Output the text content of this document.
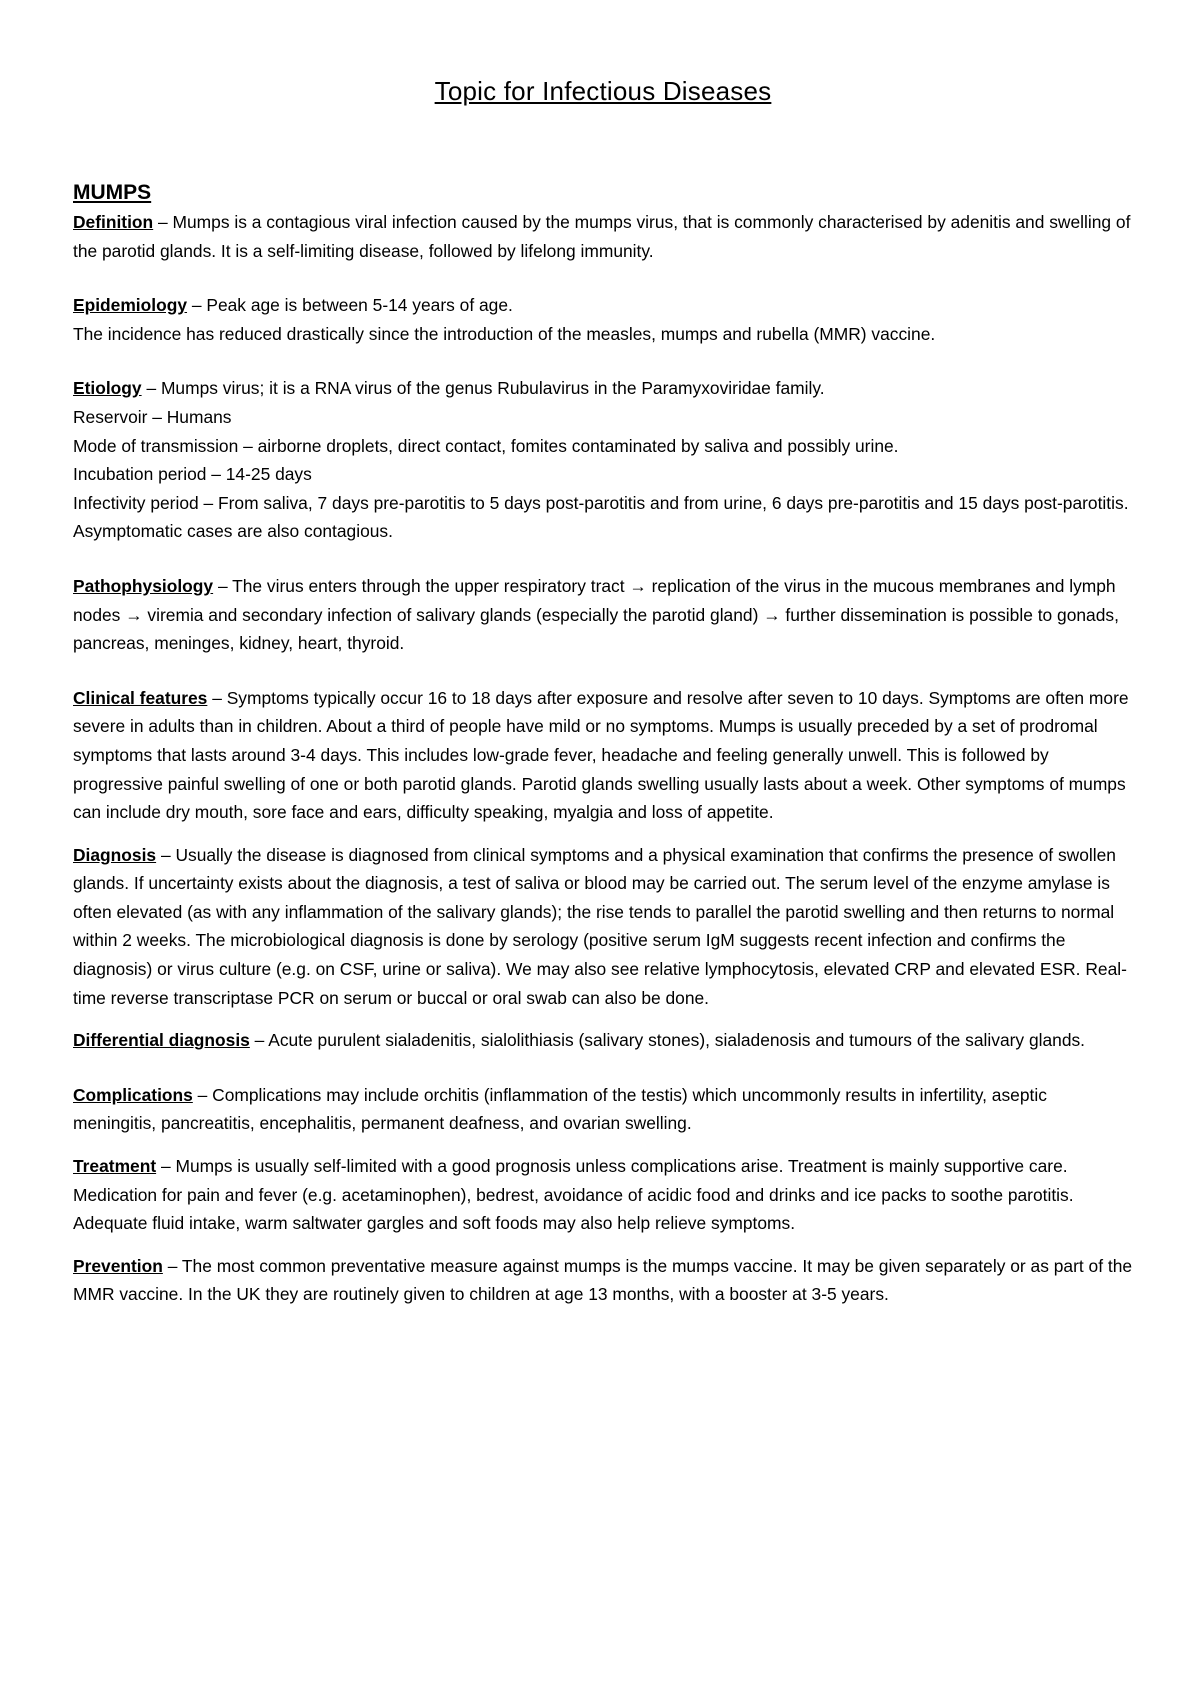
Topic for Infectious Diseases
MUMPS

Definition – Mumps is a contagious viral infection caused by the mumps virus, that is commonly characterised by adenitis and swelling of the parotid glands. It is a self-limiting disease, followed by lifelong immunity.

Epidemiology – Peak age is between 5-14 years of age.

The incidence has reduced drastically since the introduction of the measles, mumps and rubella (MMR) vaccine.

Etiology – Mumps virus; it is a RNA virus of the genus Rubulavirus in the Paramyxoviridae family.

Reservoir – Humans

Mode of transmission – airborne droplets, direct contact, fomites contaminated by saliva and possibly urine.

Incubation period – 14-25 days

Infectivity period – From saliva, 7 days pre-parotitis to 5 days post-parotitis and from urine, 6 days pre-parotitis and 15 days post-parotitis. Asymptomatic cases are also contagious.

Pathophysiology – The virus enters through the upper respiratory tract → replication of the virus in the mucous membranes and lymph nodes → viremia and secondary infection of salivary glands (especially the parotid gland) → further dissemination is possible to gonads, pancreas, meninges, kidney, heart, thyroid.

Clinical features – Symptoms typically occur 16 to 18 days after exposure and resolve after seven to 10 days. Symptoms are often more severe in adults than in children. About a third of people have mild or no symptoms. Mumps is usually preceded by a set of prodromal symptoms that lasts around 3-4 days. This includes low-grade fever, headache and feeling generally unwell. This is followed by progressive painful swelling of one or both parotid glands. Parotid glands swelling usually lasts about a week. Other symptoms of mumps can include dry mouth, sore face and ears, difficulty speaking, myalgia and loss of appetite.

Diagnosis – Usually the disease is diagnosed from clinical symptoms and a physical examination that confirms the presence of swollen glands. If uncertainty exists about the diagnosis, a test of saliva or blood may be carried out. The serum level of the enzyme amylase is often elevated (as with any inflammation of the salivary glands); the rise tends to parallel the parotid swelling and then returns to normal within 2 weeks. The microbiological diagnosis is done by serology (positive serum IgM suggests recent infection and confirms the diagnosis) or virus culture (e.g. on CSF, urine or saliva). We may also see relative lymphocytosis, elevated CRP and elevated ESR. Real-time reverse transcriptase PCR on serum or buccal or oral swab can also be done.

Differential diagnosis – Acute purulent sialadenitis, sialolithiasis (salivary stones), sialadenosis and tumours of the salivary glands.

Complications – Complications may include orchitis (inflammation of the testis) which uncommonly results in infertility, aseptic meningitis, pancreatitis, encephalitis, permanent deafness, and ovarian swelling.

Treatment – Mumps is usually self-limited with a good prognosis unless complications arise. Treatment is mainly supportive care. Medication for pain and fever (e.g. acetaminophen), bedrest, avoidance of acidic food and drinks and ice packs to soothe parotitis. Adequate fluid intake, warm saltwater gargles and soft foods may also help relieve symptoms.

Prevention – The most common preventative measure against mumps is the mumps vaccine. It may be given separately or as part of the MMR vaccine. In the UK they are routinely given to children at age 13 months, with a booster at 3-5 years.
